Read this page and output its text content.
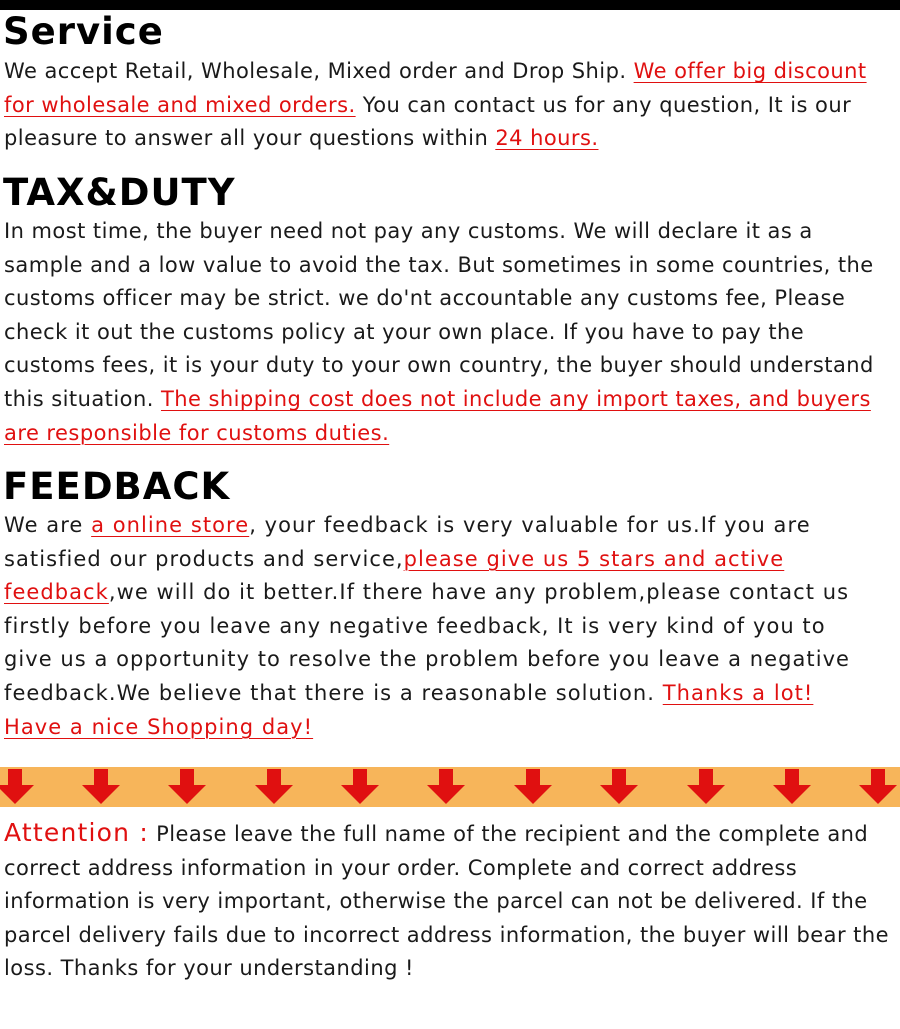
Service

We accept Retail, Wholesale, Mixed order and Drop Ship. We offer big discount for wholesale and mixed orders. You can contact us for any question, It is our pleasure to answer all your questions within 24 hours.

TAX&DUTY

In most time, the buyer need not pay any customs. We will declare it as a sample and a low value to avoid the tax. But sometimes in some countries, the customs officer may be strict. we do'nt accountable any customs fee, Please check it out the customs policy at your own place. If you have to pay the customs fees, it is your duty to your own country, the buyer should understand this situation. The shipping cost does not include any import taxes, and buyers are responsible for customs duties.

FEEDBACK

We are a online store, your feedback is very valuable for us.If you are satisfied our products and service,please give us 5 stars and active feedback,we will do it better.If there have any problem,please contact us firstly before you leave any negative feedback, It is very kind of you to give us a opportunity to resolve the problem before you leave a negative feedback.We believe that there is a reasonable solution. Thanks a lot! Have a nice Shopping day!

Attention : Please leave the full name of the recipient and the complete and correct address information in your order. Complete and correct address information is very important, otherwise the parcel can not be delivered. If the parcel delivery fails due to incorrect address information, the buyer will bear the loss. Thanks for your understanding !
